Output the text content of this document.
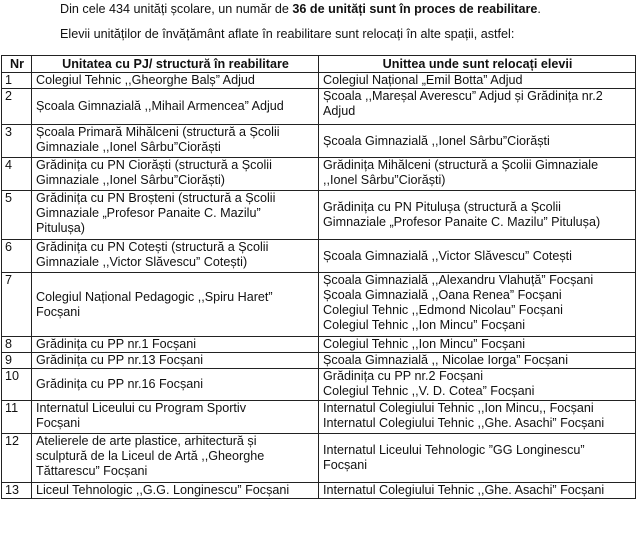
Din cele 434 unități școlare, un număr de 36 de unități sunt în proces de reabilitare.
Elevii unităților de învățământ aflate în reabilitare sunt relocați în alte spații, astfel:
Nr	Unitatea cu PJ/ structură în reabilitare	Unittea unde sunt relocați elevii
1	Colegiul Tehnic ,,Gheorghe Balș” Adjud	Colegiul Național „Emil Botta” Adjud

2	Școala Gimnazială ,,Mihail Armencea” Adjud	Școala ,,Mareșal Averescu” Adjud și Grădinița nr.2
Adjud

3	Școala Primară Mihălceni (structură a Școlii
Gimnaziale ,,Ionel Sârbu”Ciorăști	Școala Gimnazială ,,Ionel Sârbu”Ciorăști

4	Grădinița cu PN Ciorăști (structură a Școlii
Gimnaziale ,,Ionel Sârbu”Ciorăști)	Grădinița Mihălceni (structură a Școlii Gimnaziale
,,Ionel Sârbu”Ciorăști)

5	Grădinița cu PN Broșteni (structură a Școlii
Gimnaziale „Profesor Panaite C. Mazilu”
Pitulușa)	Grădinița cu PN Pitulușa (structură a Școlii
Gimnaziale „Profesor Panaite C. Mazilu” Pitulușa)

6	Grădinița cu PN Cotești (structură a Școlii
Gimnaziale ,,Victor Slăvescu” Cotești)	Școala Gimnazială ,,Victor Slăvescu” Cotești

7	Colegiul Național Pedagogic ,,Spiru Haret”
Focșani	Școala Gimnazială ,,Alexandru Vlahuță” Focșani
Școala Gimnazială ,,Oana Renea” Focșani
Colegiul Tehnic ,,Edmond Nicolau” Focșani
Colegiul Tehnic ,,Ion Mincu” Focșani

8	Grădinița cu PP nr.1 Focșani	Colegiul Tehnic ,,Ion Mincu” Focșani

9	Grădinița cu PP nr.13 Focșani	Școala Gimnazială ,, Nicolae Iorga” Focșani

10	Grădinița cu PP nr.16 Focșani	Grădinița cu PP nr.2 Focșani
Colegiul Tehnic ,,V. D. Cotea” Focșani

11	Internatul Liceului cu Program Sportiv
Focșani	Internatul Colegiului Tehnic ,,Ion Mincu,, Focșani
Internatul Colegiului Tehnic ,,Ghe. Asachi” Focșani

12	Atelierele de arte plastice, arhitectură și
sculptură de la Liceul de Artă ,,Gheorghe
Tăttarescu” Focșani	Internatul Liceului Tehnologic ”GG Longinescu”
Focșani

13	Liceul Tehnologic ,,G.G. Longinescu” Focșani	Internatul Colegiului Tehnic ,,Ghe. Asachi” Focșani
